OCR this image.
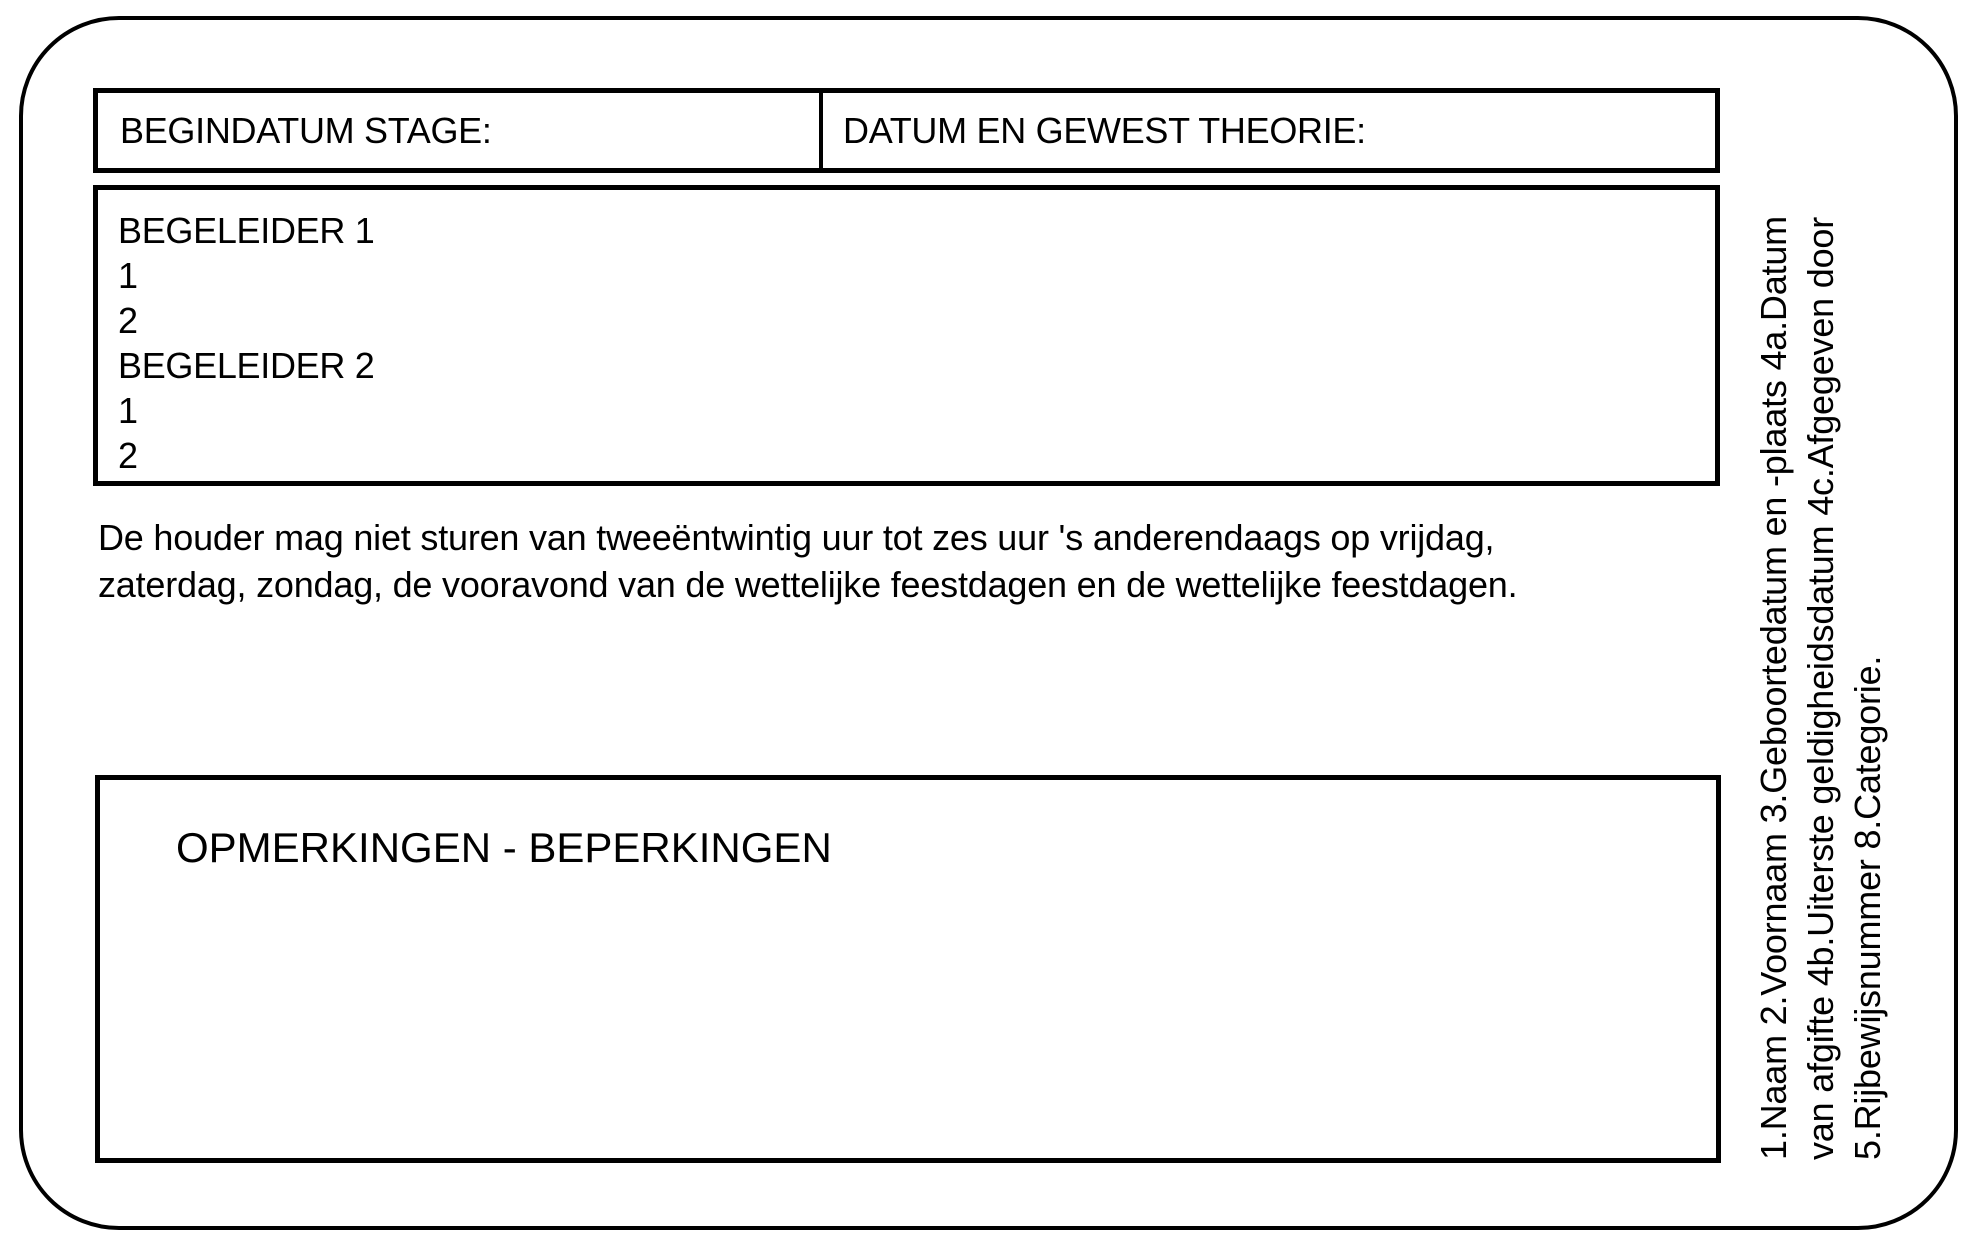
BEGINDATUM STAGE:	DATUM EN GEWEST THEORIE:
BEGELEIDER 1
1
2
BEGELEIDER 2
1
2
De houder mag niet sturen van tweeëntwintig uur tot zes uur 's anderendaags op vrijdag,
zaterdag, zondag, de vooravond van de wettelijke feestdagen en de wettelijke feestdagen.
OPMERKINGEN - BEPERKINGEN	1.Naam 2.Voornaam 3.Geboortedatum en -plaats 4a.Datum van afgifte 4b.Uiterste geldigheidsdatum 4c.Afgegeven door 5.Rijbewijsnummer 8.Categorie.
